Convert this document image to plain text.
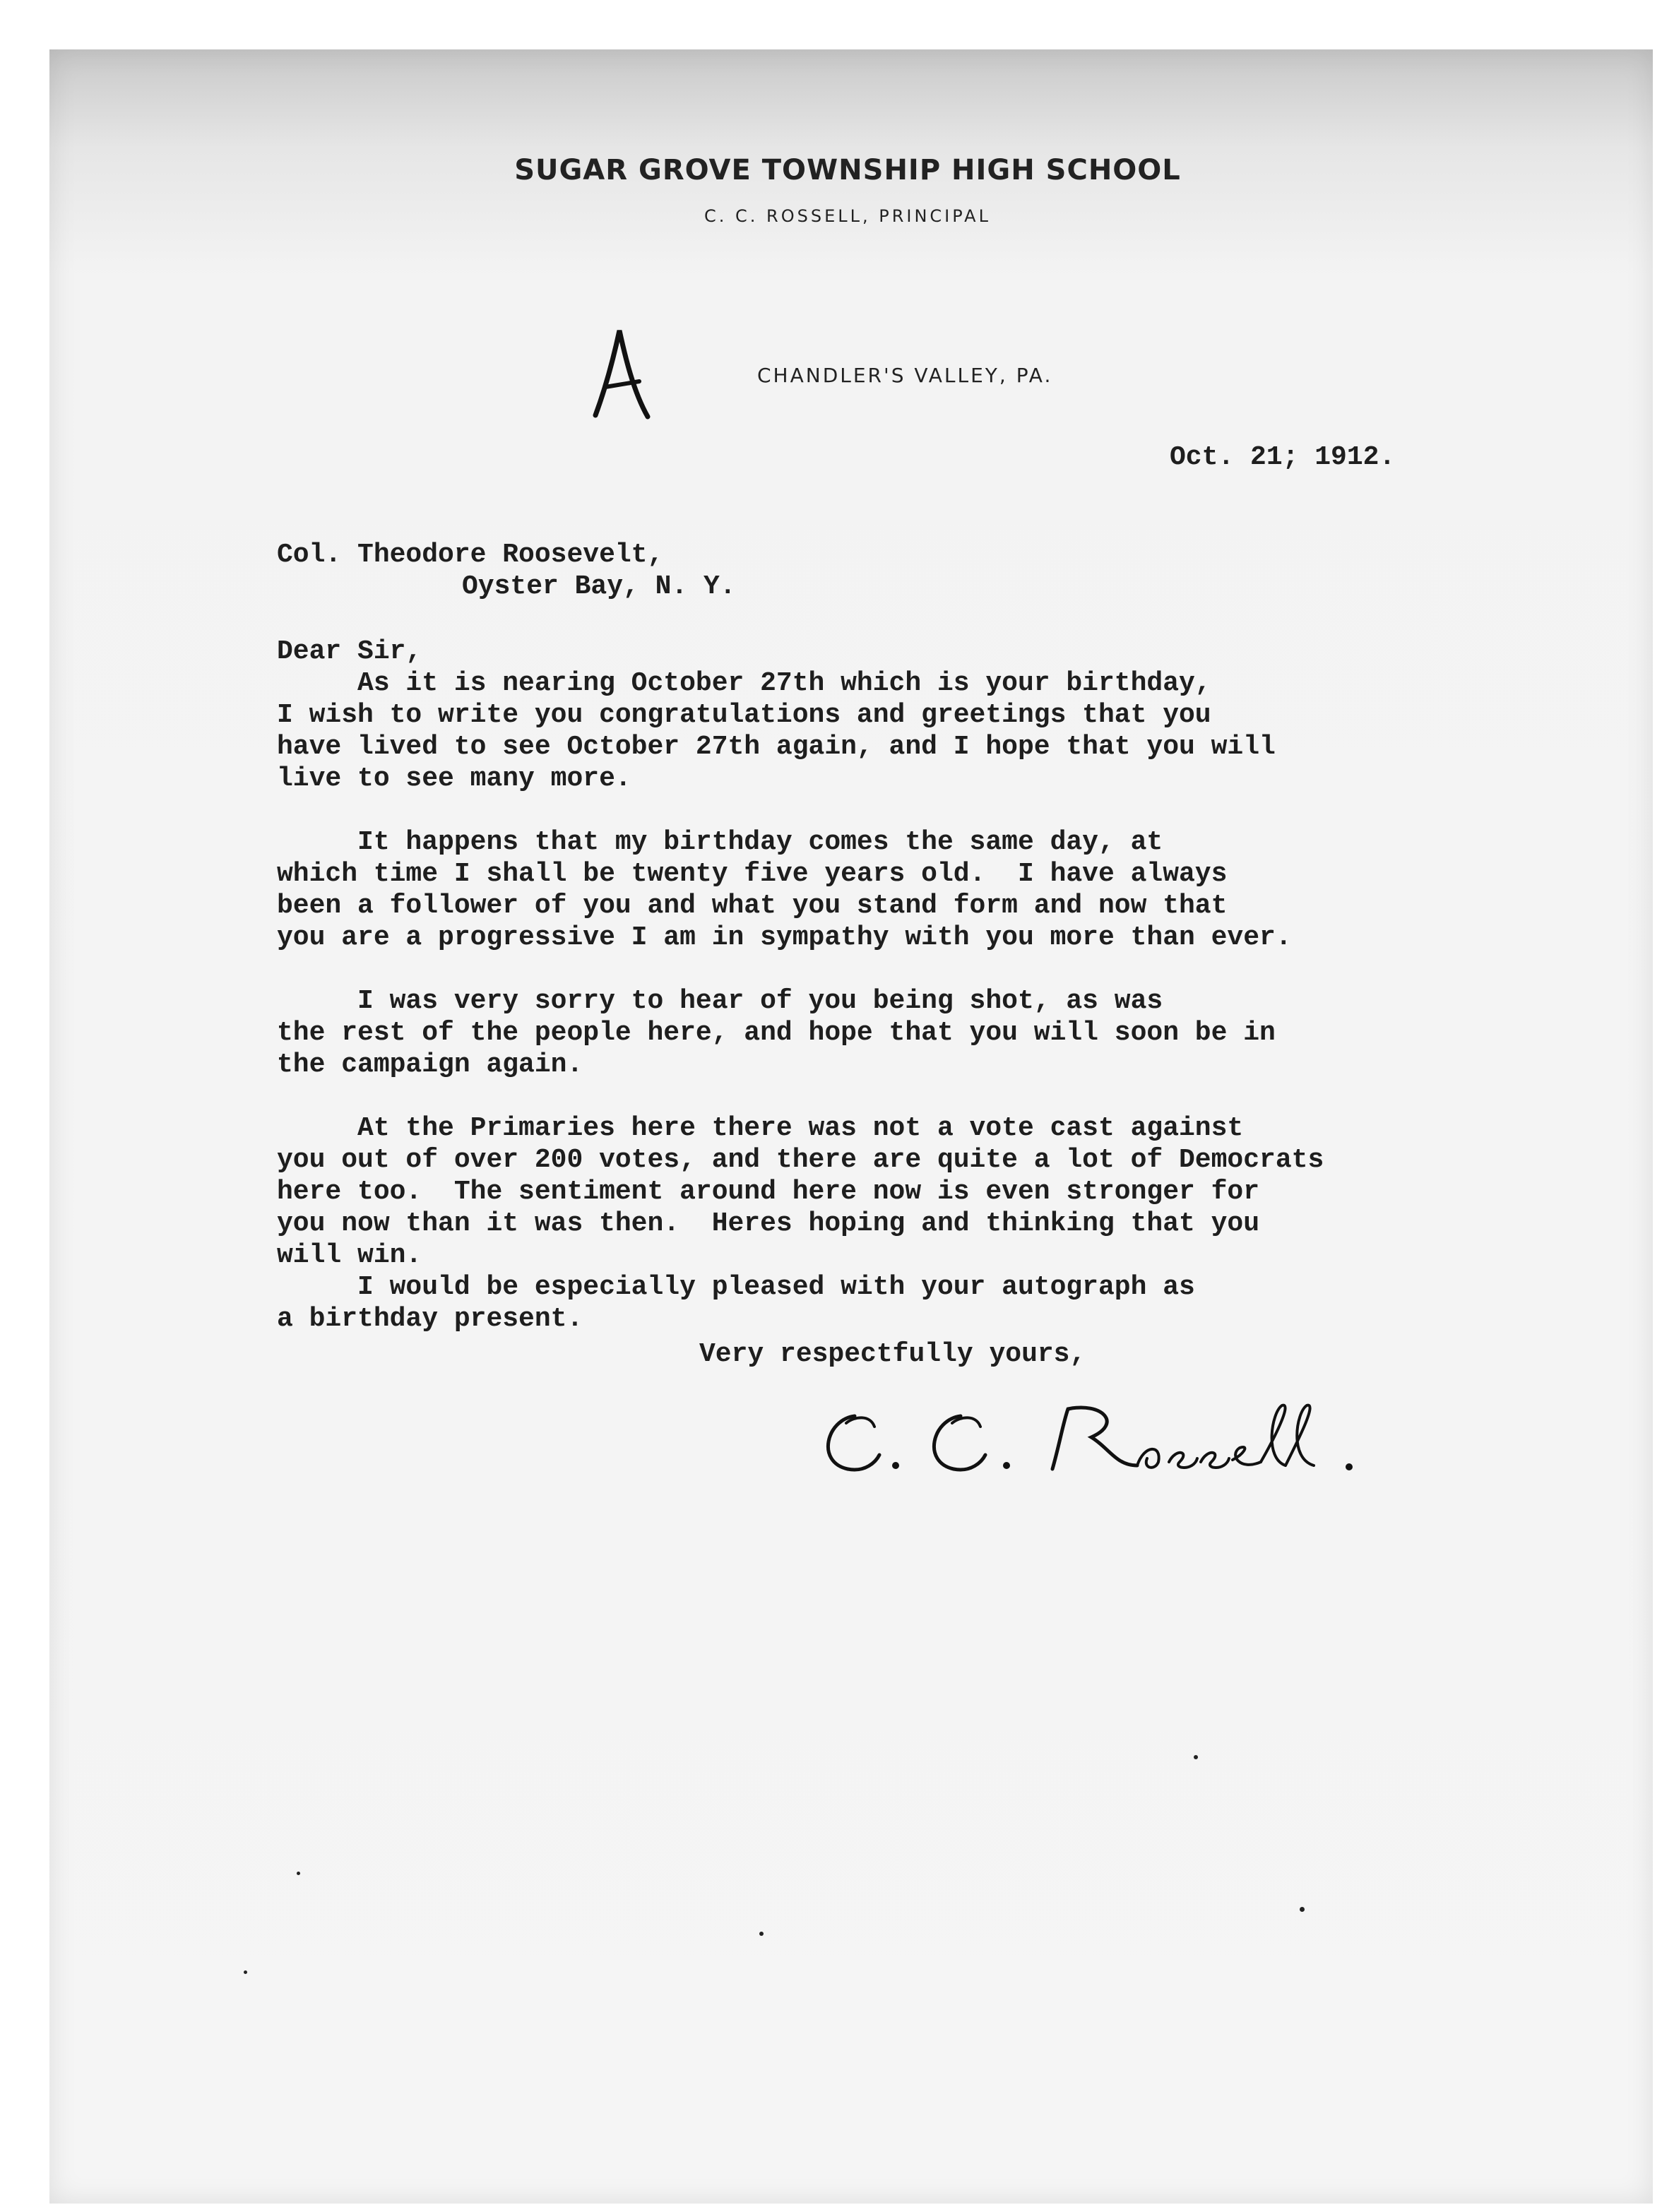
SUGAR GROVE TOWNSHIP HIGH SCHOOL
C. C. ROSSELL, PRINCIPAL
CHANDLER'S VALLEY, PA.
Oct. 21; 1912.
Col. Theodore Roosevelt,
Oyster Bay, N. Y.
Dear Sir,
As it is nearing October 27th which is your birthday,
I wish to write you congratulations and greetings that you
have lived to see October 27th again, and I hope that you will
live to see many more.
It happens that my birthday comes the same day, at
which time I shall be twenty five years old.  I have always
been a follower of you and what you stand form and now that
you are a progressive I am in sympathy with you more than ever.
I was very sorry to hear of you being shot, as was
the rest of the people here, and hope that you will soon be in
the campaign again.
At the Primaries here there was not a vote cast against
you out of over 200 votes, and there are quite a lot of Democrats
here too.  The sentiment around here now is even stronger for
you now than it was then.  Heres hoping and thinking that you
will win.
I would be especially pleased with your autograph as
a birthday present.
Very respectfully yours,
